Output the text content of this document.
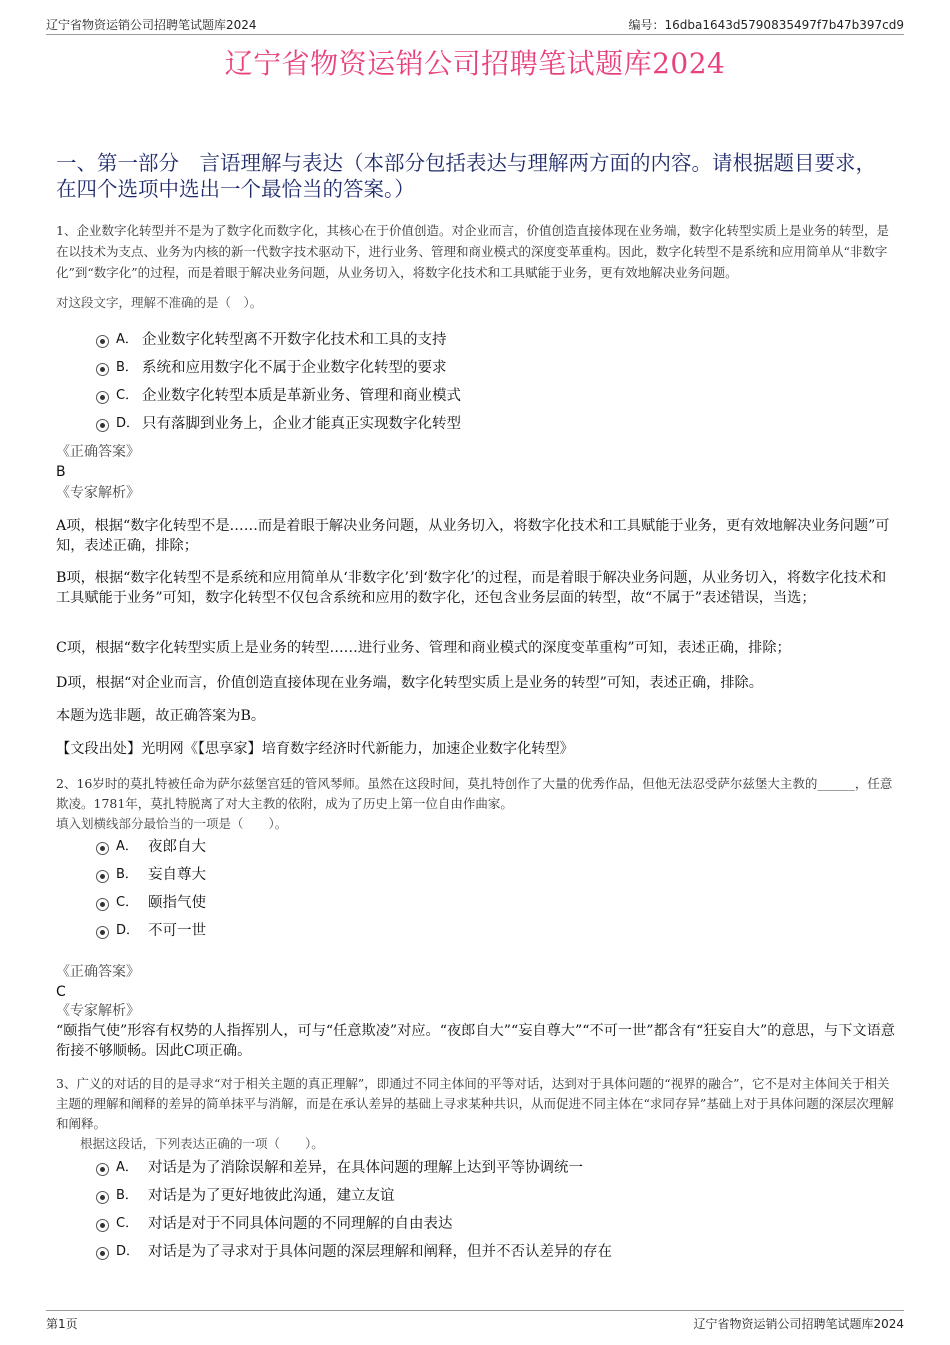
辽宁省物资运销公司招聘笔试题库2024	编号：16dba1643d5790835497f7b47b397cd9
辽宁省物资运销公司招聘笔试题库2024
一、第一部分　言语理解与表达（本部分包括表达与理解两方面的内容。请根据题目要求，在四个选项中选出一个最恰当的答案。）
1、企业数字化转型并不是为了数字化而数字化，其核心在于价值创造。对企业而言，价值创造直接体现在业务端，数字化转型实质上是业务的转型，是在以技术为支点、业务为内核的新一代数字技术驱动下，进行业务、管理和商业模式的深度变革重构。因此，数字化转型不是系统和应用简单从“非数字化”到“数字化”的过程，而是着眼于解决业务问题，从业务切入，将数字化技术和工具赋能于业务，更有效地解决业务问题。
对这段文字，理解不准确的是（　）。
A． 企业数字化转型离不开数字化技术和工具的支持
B． 系统和应用数字化不属于企业数字化转型的要求
C． 企业数字化转型本质是革新业务、管理和商业模式
D． 只有落脚到业务上，企业才能真正实现数字化转型
《正确答案》
B
《专家解析》
A项，根据“数字化转型不是……而是着眼于解决业务问题，从业务切入，将数字化技术和工具赋能于业务，更有效地解决业务问题”可知，表述正确，排除；
B项，根据“数字化转型不是系统和应用简单从‘非数字化’到‘数字化’的过程，而是着眼于解决业务问题，从业务切入，将数字化技术和工具赋能于业务”可知，数字化转型不仅包含系统和应用的数字化，还包含业务层面的转型，故“不属于”表述错误，当选；
C项，根据“数字化转型实质上是业务的转型……进行业务、管理和商业模式的深度变革重构”可知，表述正确，排除；
D项，根据“对企业而言，价值创造直接体现在业务端，数字化转型实质上是业务的转型”可知，表述正确，排除。
本题为选非题，故正确答案为B。
【文段出处】光明网《【思享家】培育数字经济时代新能力，加速企业数字化转型》
2、16岁时的莫扎特被任命为萨尔兹堡宫廷的管风琴师。虽然在这段时间，莫扎特创作了大量的优秀作品，但他无法忍受萨尔兹堡大主教的______，任意欺凌。1781年，莫扎特脱离了对大主教的依附，成为了历史上第一位自由作曲家。
填入划横线部分最恰当的一项是（　　）。
A． 夜郎自大
B． 妄自尊大
C． 颐指气使
D． 不可一世
《正确答案》
C
《专家解析》
“颐指气使”形容有权势的人指挥别人，可与“任意欺凌”对应。“夜郎自大”“妄自尊大”“不可一世”都含有“狂妄自大”的意思，与下文语意衔接不够顺畅。因此C项正确。
3、广义的对话的目的是寻求“对于相关主题的真正理解”，即通过不同主体间的平等对话，达到对于具体问题的“视界的融合”，它不是对主体间关于相关主题的理解和阐释的差异的简单抹平与消解，而是在承认差异的基础上寻求某种共识，从而促进不同主体在“求同存异”基础上对于具体问题的深层次理解和阐释。
根据这段话，下列表达正确的一项（　　）。
A． 对话是为了消除误解和差异，在具体问题的理解上达到平等协调统一
B． 对话是为了更好地彼此沟通，建立友谊
C． 对话是对于不同具体问题的不同理解的自由表达
D． 对话是为了寻求对于具体问题的深层理解和阐释，但并不否认差异的存在
第1页	辽宁省物资运销公司招聘笔试题库2024
